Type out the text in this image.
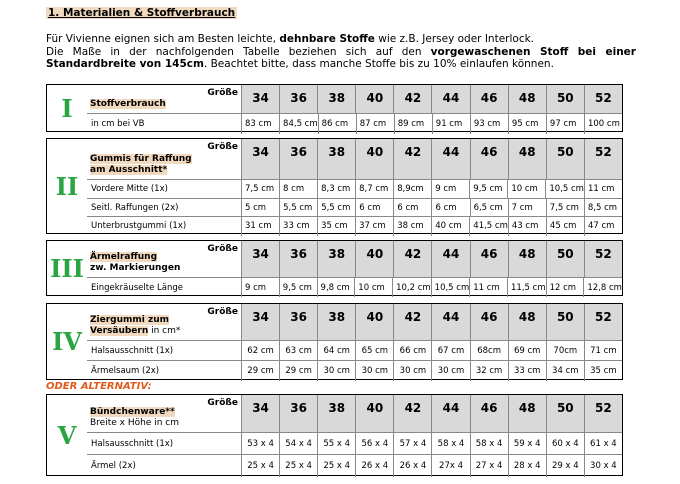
1. Materialien & Stoffverbrauch
Für Vivienne eignen sich am Besten leichte, dehnbare Stoffe wie z.B. Jersey oder Interlock.
Die Maße in der nachfolgenden Tabelle beziehen sich auf den vorgewaschenen Stoff bei einer
Standardbreite von 145cm. Beachtet bitte, dass manche Stoffe bis zu 10% einlaufen können.
ODER ALTERNATIV:
I
Größe
Stoffverbrauch	34	36	38	40	42	44	46	48	50	52
in cm bei VB	83 cm	84,5 cm 86 cm	87 cm	89 cm	91 cm	93 cm	95 cm	97 cm	100 cm
II
Größe
Gummis für Raffung
am Ausschnitt*
34	36	38	40	42	44	46	48	50	52
Vordere Mitte (1x)	7,5 cm	8 cm	8,3 cm	8,7 cm	8,9cm	9 cm	9,5 cm	10 cm	10,5 cm 11 cm
Seitl. Raffungen (2x)	5 cm	5,5 cm	5,5 cm	6 cm	6 cm	6 cm	6,5 cm	7 cm	7,5 cm	8,5 cm
Unterbrustgummi (1x)	31 cm	33 cm	35 cm	37 cm	38 cm	40 cm	41,5 cm 43 cm	45 cm	47 cm
III
Größe
Ärmelraffung
zw. Markierungen
34	36	38	40	42	44	46	48	50	52
Eingekräuselte Länge	9 cm	9,5 cm	9,8 cm	10 cm	10,2 cm 10,5 cm 11 cm	11,5 cm 12 cm	12,8 cm
IV
Größe
Ziergummi zum
Versäubern in cm*
34	36	38	40	42	44	46	48	50	52
Halsausschnitt (1x)	62 cm	63 cm	64 cm	65 cm	66 cm	67 cm	68cm	69 cm	70cm	71 cm
Ärmelsaum (2x)	29 cm	29 cm	30 cm	30 cm	30 cm	30 cm	32 cm	33 cm	34 cm	35 cm
V
Größe
Bündchenware**
Breite x Höhe in cm
34	36	38	40	42	44	46	48	50	52
Halsausschnitt (1x)	53 x 4	54 x 4	55 x 4	56 x 4	57 x 4	58 x 4	58 x 4	59 x 4	60 x 4	61 x 4
Ärmel (2x)	25 x 4	25 x 4	25 x 4	26 x 4	26 x 4	27x 4	27 x 4	28 x 4	29 x 4	30 x 4
